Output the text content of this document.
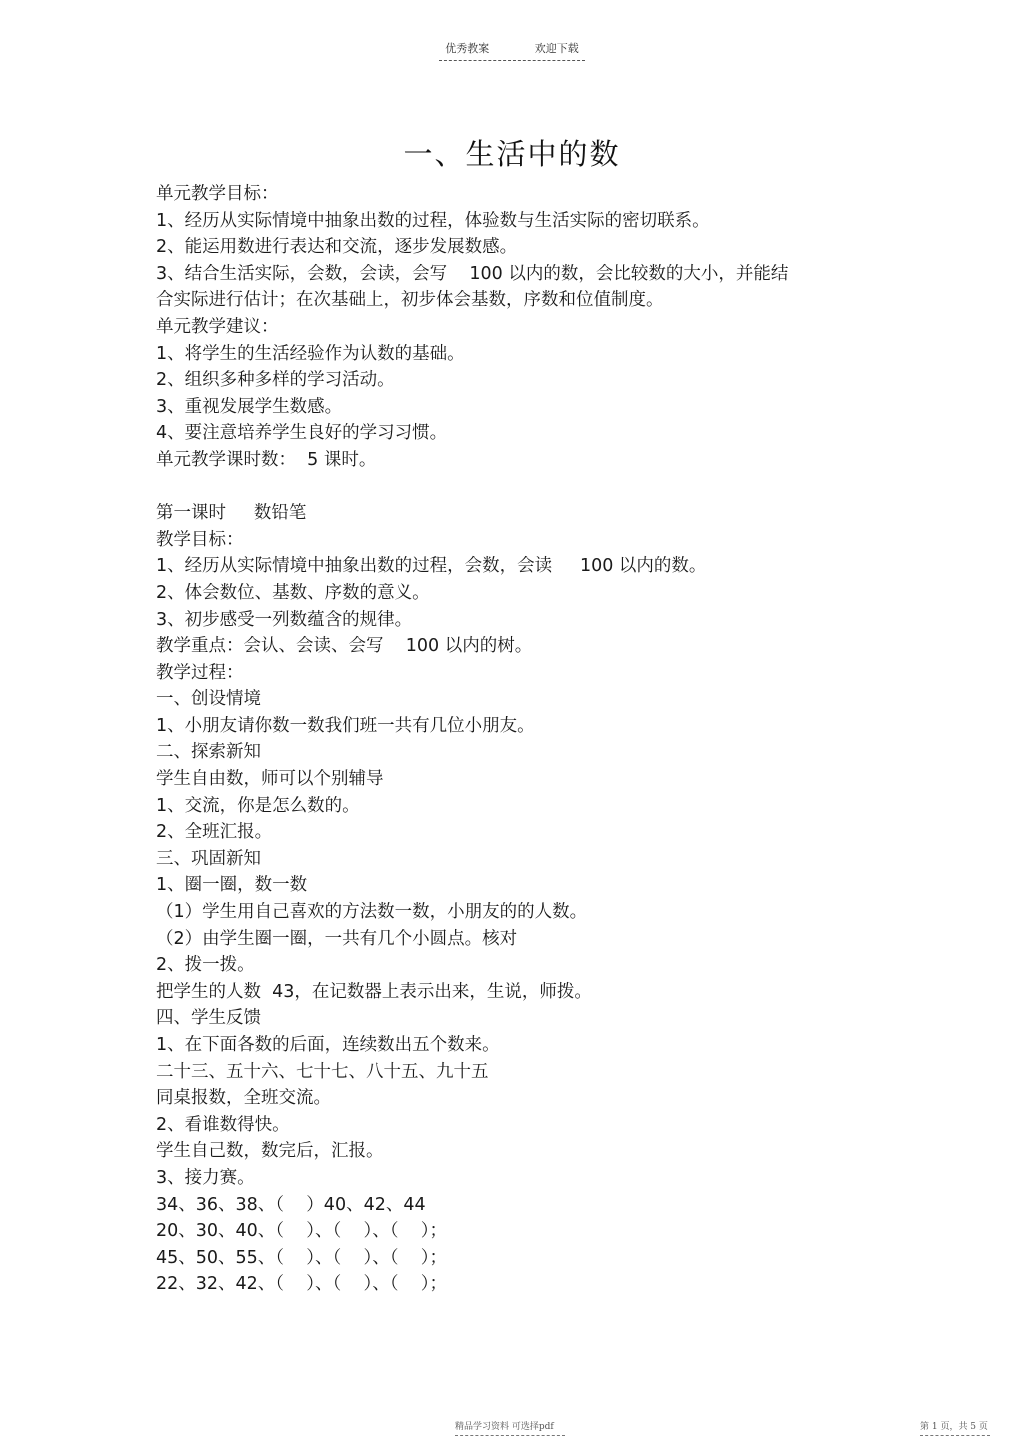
优秀教案	欢迎下载
一、生活中的数
单元教学目标：
1、经历从实际情境中抽象出数的过程，体验数与生活实际的密切联系。
2、能运用数进行表达和交流，逐步发展数感。
3、结合生活实际，会数，会读，会写    100 以内的数，会比较数的大小，并能结
合实际进行估计；在次基础上，初步体会基数，序数和位值制度。
单元教学建议：
1、将学生的生活经验作为认数的基础。
2、组织多种多样的学习活动。
3、重视发展学生数感。
4、要注意培养学生良好的学习习惯。
单元教学课时数：  5 课时。
第一课时     数铅笔
教学目标：
1、经历从实际情境中抽象出数的过程，会数，会读     100 以内的数。
2、体会数位、基数、序数的意义。
3、初步感受一列数蕴含的规律。
教学重点：会认、会读、会写    100 以内的树。
教学过程：
一、创设情境
1、小朋友请你数一数我们班一共有几位小朋友。
二、探索新知
学生自由数，师可以个别辅导
1、交流，你是怎么数的。
2、全班汇报。
三、巩固新知
1、圈一圈，数一数
（1）学生用自己喜欢的方法数一数，小朋友的的人数。
（2）由学生圈一圈，一共有几个小圆点。核对
2、拨一拨。
把学生的人数  43，在记数器上表示出来，生说，师拨。
四、学生反馈
1、在下面各数的后面，连续数出五个数来。
二十三、五十六、七十七、八十五、九十五
同桌报数，全班交流。
2、看谁数得快。
学生自己数，数完后，汇报。
3、接力赛。
34、36、38、（    ）40、42、44
20、30、40、（    ）、（    ）、（    ）；
45、50、55、（    ）、（    ）、（    ）；
22、32、42、（    ）、（    ）、（    ）；
精品学习资料 可选择pdf	第 1 页，共 5 页
